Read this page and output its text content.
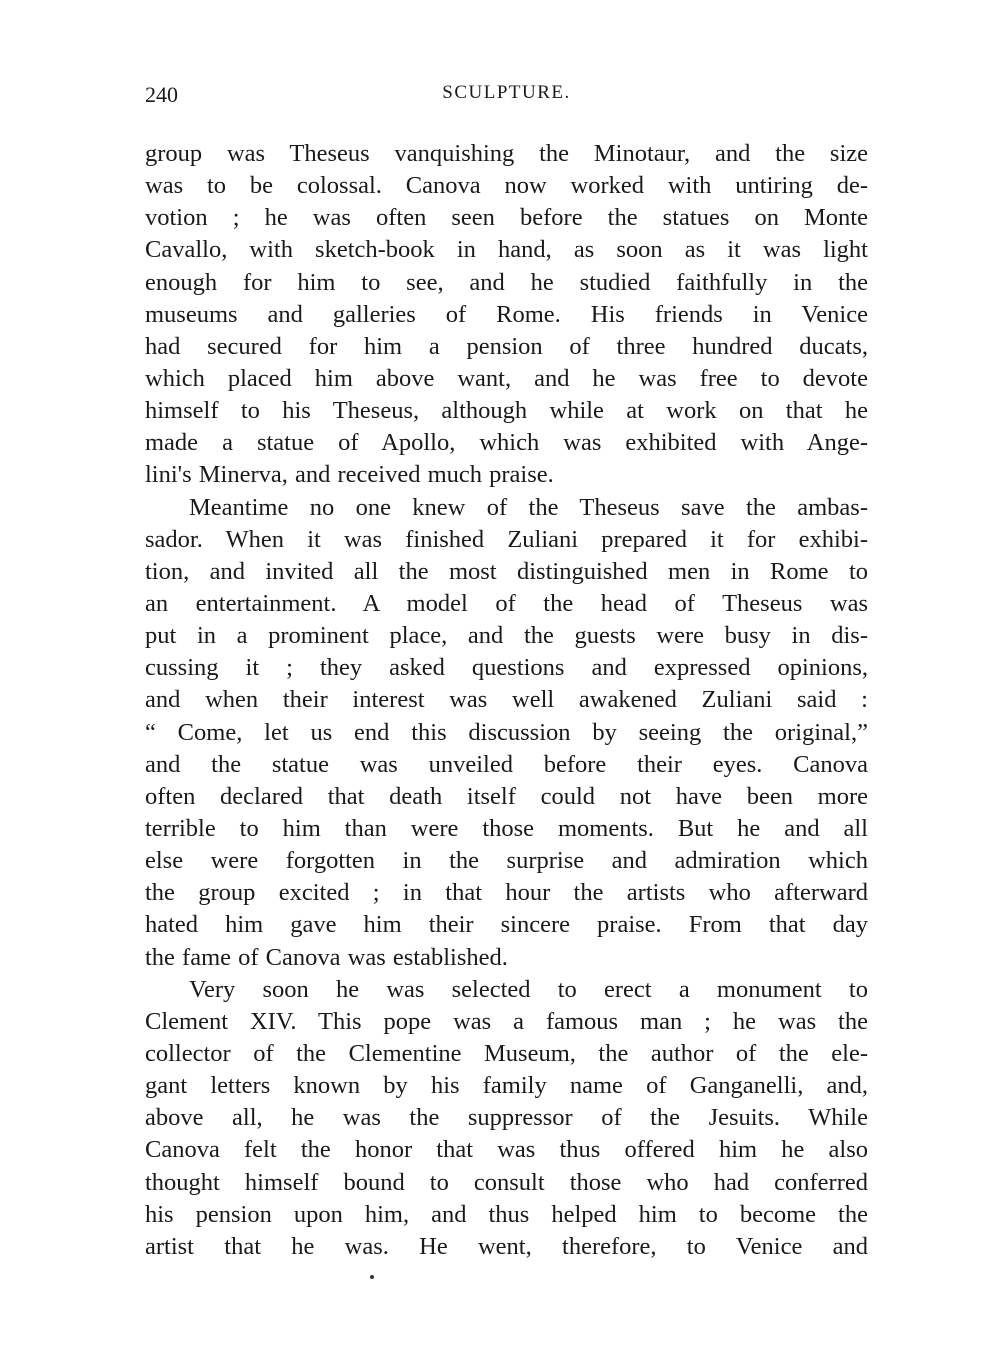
240	SCULPTURE.
group was Theseus vanquishing the Minotaur, and the size
was to be colossal. Canova now worked with untiring de-
votion ; he was often seen before the statues on Monte
Cavallo, with sketch-book in hand, as soon as it was light
enough for him to see, and he studied faithfully in the
museums and galleries of Rome. His friends in Venice
had secured for him a pension of three hundred ducats,
which placed him above want, and he was free to devote
himself to his Theseus, although while at work on that he
made a statue of Apollo, which was exhibited with Ange-
lini's Minerva, and received much praise.
Meantime no one knew of the Theseus save the ambas-
sador. When it was finished Zuliani prepared it for exhibi-
tion, and invited all the most distinguished men in Rome to
an entertainment. A model of the head of Theseus was
put in a prominent place, and the guests were busy in dis-
cussing it ; they asked questions and expressed opinions,
and when their interest was well awakened Zuliani said :
“ Come, let us end this discussion by seeing the original,”
and the statue was unveiled before their eyes. Canova
often declared that death itself could not have been more
terrible to him than were those moments. But he and all
else were forgotten in the surprise and admiration which
the group excited ; in that hour the artists who afterward
hated him gave him their sincere praise. From that day
the fame of Canova was established.
Very soon he was selected to erect a monument to
Clement XIV. This pope was a famous man ; he was the
collector of the Clementine Museum, the author of the ele-
gant letters known by his family name of Ganganelli, and,
above all, he was the suppressor of the Jesuits. While
Canova felt the honor that was thus offered him he also
thought himself bound to consult those who had conferred
his pension upon him, and thus helped him to become the
artist that he was. He went, therefore, to Venice and
